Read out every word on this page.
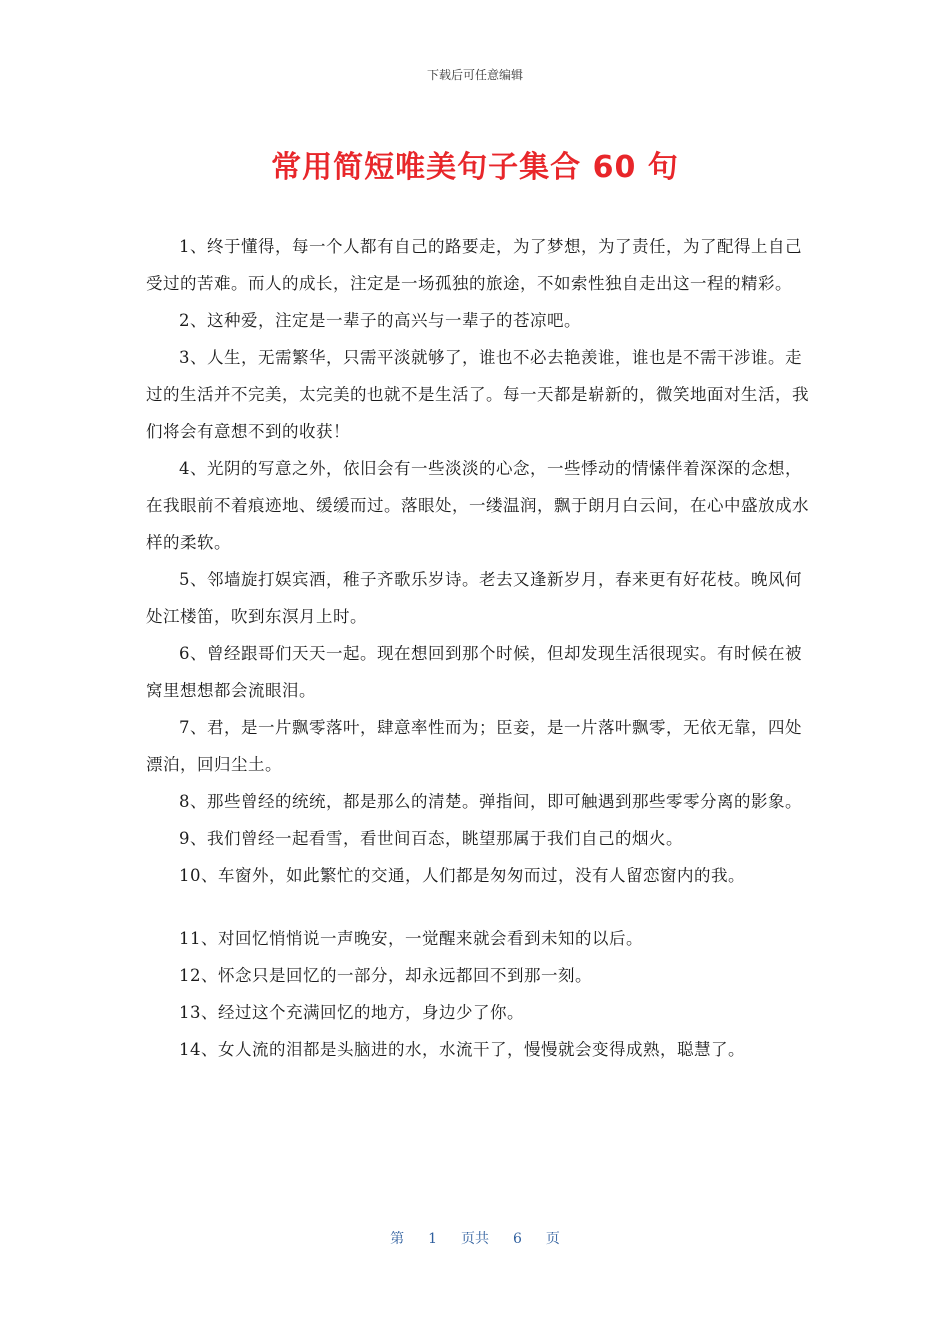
下载后可任意编辑
常用简短唯美句子集合 60 句

1、终于懂得，每一个人都有自己的路要走，为了梦想，为了责任，为了配得上自己受过的苦难。而人的成长，注定是一场孤独的旅途，不如索性独自走出这一程的精彩。

2、这种爱，注定是一辈子的高兴与一辈子的苍凉吧。

3、人生，无需繁华，只需平淡就够了，谁也不必去艳羡谁，谁也是不需干涉谁。走过的生活并不完美，太完美的也就不是生活了。每一天都是崭新的，微笑地面对生活，我们将会有意想不到的收获！

4、光阴的写意之外，依旧会有一些淡淡的心念，一些悸动的情愫伴着深深的念想，在我眼前不着痕迹地、缓缓而过。落眼处，一缕温润，飘于朗月白云间，在心中盛放成水样的柔软。

5、邻墙旋打娱宾酒，稚子齐歌乐岁诗。老去又逢新岁月，春来更有好花枝。晚风何处江楼笛，吹到东溟月上时。

6、曾经跟哥们天天一起。现在想回到那个时候，但却发现生活很现实。有时候在被窝里想想都会流眼泪。

7、君，是一片飘零落叶，肆意率性而为；臣妾，是一片落叶飘零，无依无靠，四处漂泊，回归尘土。

8、那些曾经的统统，都是那么的清楚。弹指间，即可触遇到那些零零分离的影象。

9、我们曾经一起看雪，看世间百态，眺望那属于我们自己的烟火。

10、车窗外，如此繁忙的交通，人们都是匆匆而过，没有人留恋窗内的我。

11、对回忆悄悄说一声晚安，一觉醒来就会看到未知的以后。

12、怀念只是回忆的一部分，却永远都回不到那一刻。

13、经过这个充满回忆的地方，身边少了你。

14、女人流的泪都是头脑进的水，水流干了，慢慢就会变得成熟，聪慧了。

第 1 页共 6 页
